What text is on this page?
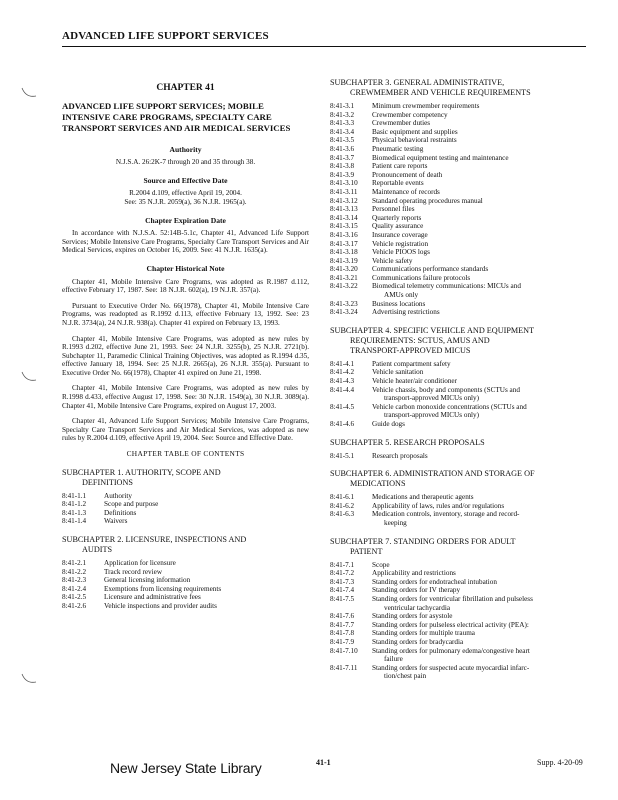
ADVANCED LIFE SUPPORT SERVICES
CHAPTER 41
ADVANCED LIFE SUPPORT SERVICES; MOBILE INTENSIVE CARE PROGRAMS, SPECIALTY CARE TRANSPORT SERVICES AND AIR MEDICAL SERVICES
Authority
N.J.S.A. 26:2K-7 through 20 and 35 through 38.
Source and Effective Date
R.2004 d.109, effective April 19, 2004.
See: 35 N.J.R. 2059(a), 36 N.J.R. 1965(a).
Chapter Expiration Date
In accordance with N.J.S.A. 52:14B-5.1c, Chapter 41, Advanced Life Support Services; Mobile Intensive Care Programs, Specialty Care Transport Services and Air Medical Services, expires on October 16, 2009. See: 41 N.J.R. 1635(a).
Chapter Historical Note
Chapter 41, Mobile Intensive Care Programs, was adopted as R.1987 d.112, effective February 17, 1987. See: 18 N.J.R. 602(a), 19 N.J.R. 357(a).
Pursuant to Executive Order No. 66(1978), Chapter 41, Mobile Intensive Care Programs, was readopted as R.1992 d.113, effective February 13, 1992. See: 23 N.J.R. 3734(a), 24 N.J.R. 938(a). Chapter 41 expired on February 13, 1993.
Chapter 41, Mobile Intensive Care Programs, was adopted as new rules by R.1993 d.202, effective June 21, 1993. See: 24 N.J.R. 3255(b), 25 N.J.R. 2721(b). Subchapter 11, Paramedic Clinical Training Objectives, was adopted as R.1994 d.35, effective January 18, 1994. See: 25 N.J.R. 2665(a), 26 N.J.R. 355(a). Pursuant to Executive Order No. 66(1978), Chapter 41 expired on June 21, 1998.
Chapter 41, Mobile Intensive Care Programs, was adopted as new rules by R.1998 d.433, effective August 17, 1998. See: 30 N.J.R. 1549(a), 30 N.J.R. 3089(a). Chapter 41, Mobile Intensive Care Programs, expired on August 17, 2003.
Chapter 41, Advanced Life Support Services; Mobile Intensive Care Programs, Specialty Care Transport Services and Air Medical Services, was adopted as new rules by R.2004 d.109, effective April 19, 2004. See: Source and Effective Date.
CHAPTER TABLE OF CONTENTS
SUBCHAPTER 1. AUTHORITY, SCOPE AND
DEFINITIONS
8:41-1.1	Authority
8:41-1.2	Scope and purpose
8:41-1.3	Definitions
8:41-1.4	Waivers
SUBCHAPTER 2. LICENSURE, INSPECTIONS AND
AUDITS
8:41-2.1	Application for licensure
8:41-2.2	Track record review
8:41-2.3	General licensing information
8:41-2.4	Exemptions from licensing requirements
8:41-2.5	Licensure and administrative fees
8:41-2.6	Vehicle inspections and provider audits
SUBCHAPTER 3. GENERAL ADMINISTRATIVE,
CREWMEMBER AND VEHICLE REQUIREMENTS
8:41-3.1	Minimum crewmember requirements
8:41-3.2	Crewmember competency
8:41-3.3	Crewmember duties
8:41-3.4	Basic equipment and supplies
8:41-3.5	Physical behavioral restraints
8:41-3.6	Pneumatic testing
8:41-3.7	Biomedical equipment testing and maintenance
8:41-3.8	Patient care reports
8:41-3.9	Pronouncement of death
8:41-3.10	Reportable events
8:41-3.11	Maintenance of records
8:41-3.12	Standard operating procedures manual
8:41-3.13	Personnel files
8:41-3.14	Quarterly reports
8:41-3.15	Quality assurance
8:41-3.16	Insurance coverage
8:41-3.17	Vehicle registration
8:41-3.18	Vehicle PIOOS logs
8:41-3.19	Vehicle safety
8:41-3.20	Communications performance standards
8:41-3.21	Communications failure protocols
8:41-3.22	Biomedical telemetry communications: MICUs and
AMUs only
8:41-3.23	Business locations
8:41-3.24	Advertising restrictions
SUBCHAPTER 4. SPECIFIC VEHICLE AND EQUIPMENT
REQUIREMENTS: SCTUS, AMUS AND
TRANSPORT-APPROVED MICUS
8:41-4.1	Patient compartment safety
8:41-4.2	Vehicle sanitation
8:41-4.3	Vehicle heater/air conditioner
8:41-4.4	Vehicle chassis, body and components (SCTUs and
transport-approved MICUs only)
8:41-4.5	Vehicle carbon monoxide concentrations (SCTUs and
transport-approved MICUs only)
8:41-4.6	Guide dogs
SUBCHAPTER 5. RESEARCH PROPOSALS
8:41-5.1	Research proposals
SUBCHAPTER 6. ADMINISTRATION AND STORAGE OF
MEDICATIONS
8:41-6.1	Medications and therapeutic agents
8:41-6.2	Applicability of laws, rules and/or regulations
8:41-6.3	Medication controls, inventory, storage and record-
keeping
SUBCHAPTER 7. STANDING ORDERS FOR ADULT
PATIENT
8:41-7.1	Scope
8:41-7.2	Applicability and restrictions
8:41-7.3	Standing orders for endotracheal intubation
8:41-7.4	Standing orders for IV therapy
8:41-7.5	Standing orders for ventricular fibrillation and pulseless
ventricular tachycardia
8:41-7.6	Standing orders for asystole
8:41-7.7	Standing orders for pulseless electrical activity (PEA):
8:41-7.8	Standing orders for multiple trauma
8:41-7.9	Standing orders for bradycardia
8:41-7.10	Standing orders for pulmonary edema/congestive heart
failure
8:41-7.11	Standing orders for suspected acute myocardial infarc-
tion/chest pain
New Jersey State Library	41-1	Supp. 4-20-09
